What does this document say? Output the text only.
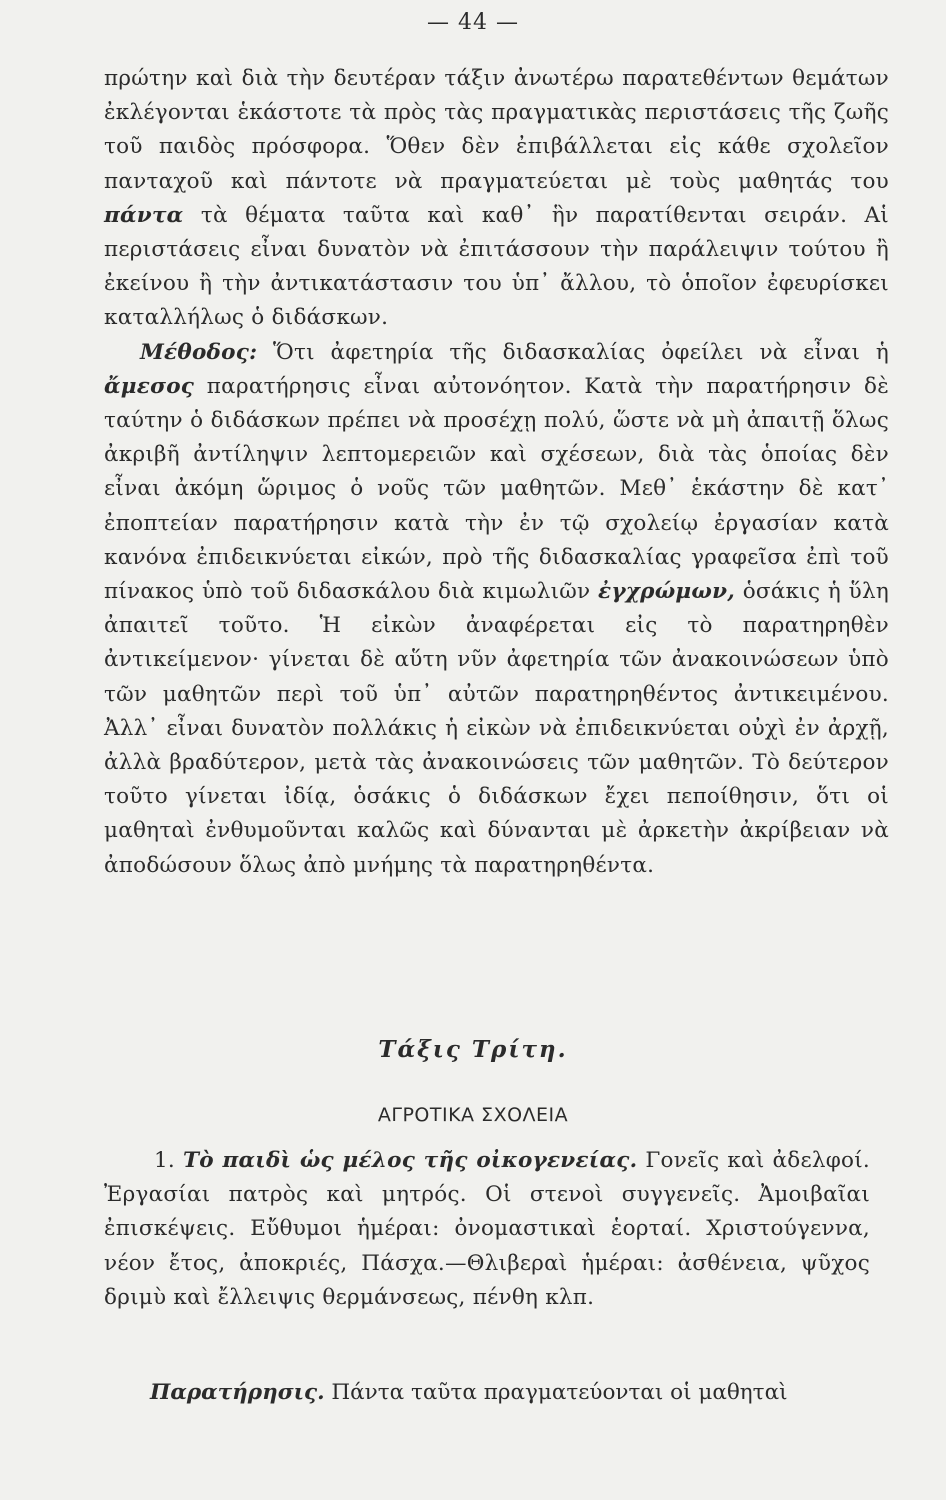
— 44 —

πρώτην καὶ διὰ τὴν δευτέραν τάξιν ἀνωτέρω παρατεθέντων θεμάτων ἐκλέγονται ἑκάστοτε τὰ πρὸς τὰς πραγματικὰς περιστάσεις τῆς ζωῆς τοῦ παιδὸς πρόσφορα. Ὅθεν δὲν ἐπιβάλλεται εἰς κάθε σχολεῖον πανταχοῦ καὶ πάντοτε νὰ πραγματεύεται μὲ τοὺς μαθητάς του πάντα τὰ θέματα ταῦτα καὶ καθ᾽ ἣν παρατίθενται σειράν. Αἱ περιστάσεις εἶναι δυνατὸν νὰ ἐπιτάσσουν τὴν παράλειψιν τούτου ἢ ἐκείνου ἢ τὴν ἀντικατάστασιν του ὑπ᾽ ἄλλου, τὸ ὁποῖον ἐφευρίσκει καταλλήλως ὁ διδάσκων.

Μέθοδος: Ὅτι ἀφετηρία τῆς διδασκαλίας ὀφείλει νὰ εἶναι ἡ ἄμεσος παρατήρησις εἶναι αὐτονόητον. Κατὰ τὴν παρατήρησιν δὲ ταύτην ὁ διδάσκων πρέπει νὰ προσέχῃ πολύ, ὥστε νὰ μὴ ἀπαιτῇ ὅλως ἀκριβῆ ἀντίληψιν λεπτομερειῶν καὶ σχέσεων, διὰ τὰς ὁποίας δὲν εἶναι ἀκόμη ὥριμος ὁ νοῦς τῶν μαθητῶν. Μεθ᾽ ἑκάστην δὲ κατ᾽ ἐποπτείαν παρατήρησιν κατὰ τὴν ἐν τῷ σχολείῳ ἐργασίαν κατὰ κανόνα ἐπιδεικνύεται εἰκών, πρὸ τῆς διδασκαλίας γραφεῖσα ἐπὶ τοῦ πίνακος ὑπὸ τοῦ διδασκάλου διὰ κιμωλιῶν ἐγχρώμων, ὁσάκις ἡ ὕλη ἀπαιτεῖ τοῦτο. Ἡ εἰκὼν ἀναφέρεται εἰς τὸ παρατηρηθὲν ἀντικείμενον· γίνεται δὲ αὕτη νῦν ἀφετηρία τῶν ἀνακοινώσεων ὑπὸ τῶν μαθητῶν περὶ τοῦ ὑπ᾽ αὐτῶν παρατηρηθέντος ἀντικειμένου. Ἀλλ᾽ εἶναι δυνατὸν πολλάκις ἡ εἰκὼν νὰ ἐπιδεικνύεται οὐχὶ ἐν ἀρχῇ, ἀλλὰ βραδύτερον, μετὰ τὰς ἀνακοινώσεις τῶν μαθητῶν. Τὸ δεύτερον τοῦτο γίνεται ἰδίᾳ, ὁσάκις ὁ διδάσκων ἔχει πεποίθησιν, ὅτι οἱ μαθηταὶ ἐνθυμοῦνται καλῶς καὶ δύνανται μὲ ἀρκετὴν ἀκρίβειαν νὰ ἀποδώσουν ὅλως ἀπὸ μνήμης τὰ παρατηρηθέντα.

Τάξις Τρίτη.
ΑΓΡΟΤΙΚΑ ΣΧΟΛΕΙΑ

1. Τὸ παιδὶ ὡς μέλος τῆς οἰκογενείας. Γονεῖς καὶ ἀδελφοί. Ἐργασίαι πατρὸς καὶ μητρός. Οἱ στενοὶ συγγενεῖς. Ἀμοιβαῖαι ἐπισκέψεις. Εὔθυμοι ἡμέραι: ὀνομαστικαὶ ἑορταί. Χριστούγεννα, νέον ἔτος, ἀποκριές, Πάσχα.—Θλιβεραὶ ἡμέραι: ἀσθένεια, ψῦχος δριμὺ καὶ ἔλλειψις θερμάνσεως, πένθη κλπ.

Παρατήρησις. Πάντα ταῦτα πραγματεύονται οἱ μαθηταὶ
